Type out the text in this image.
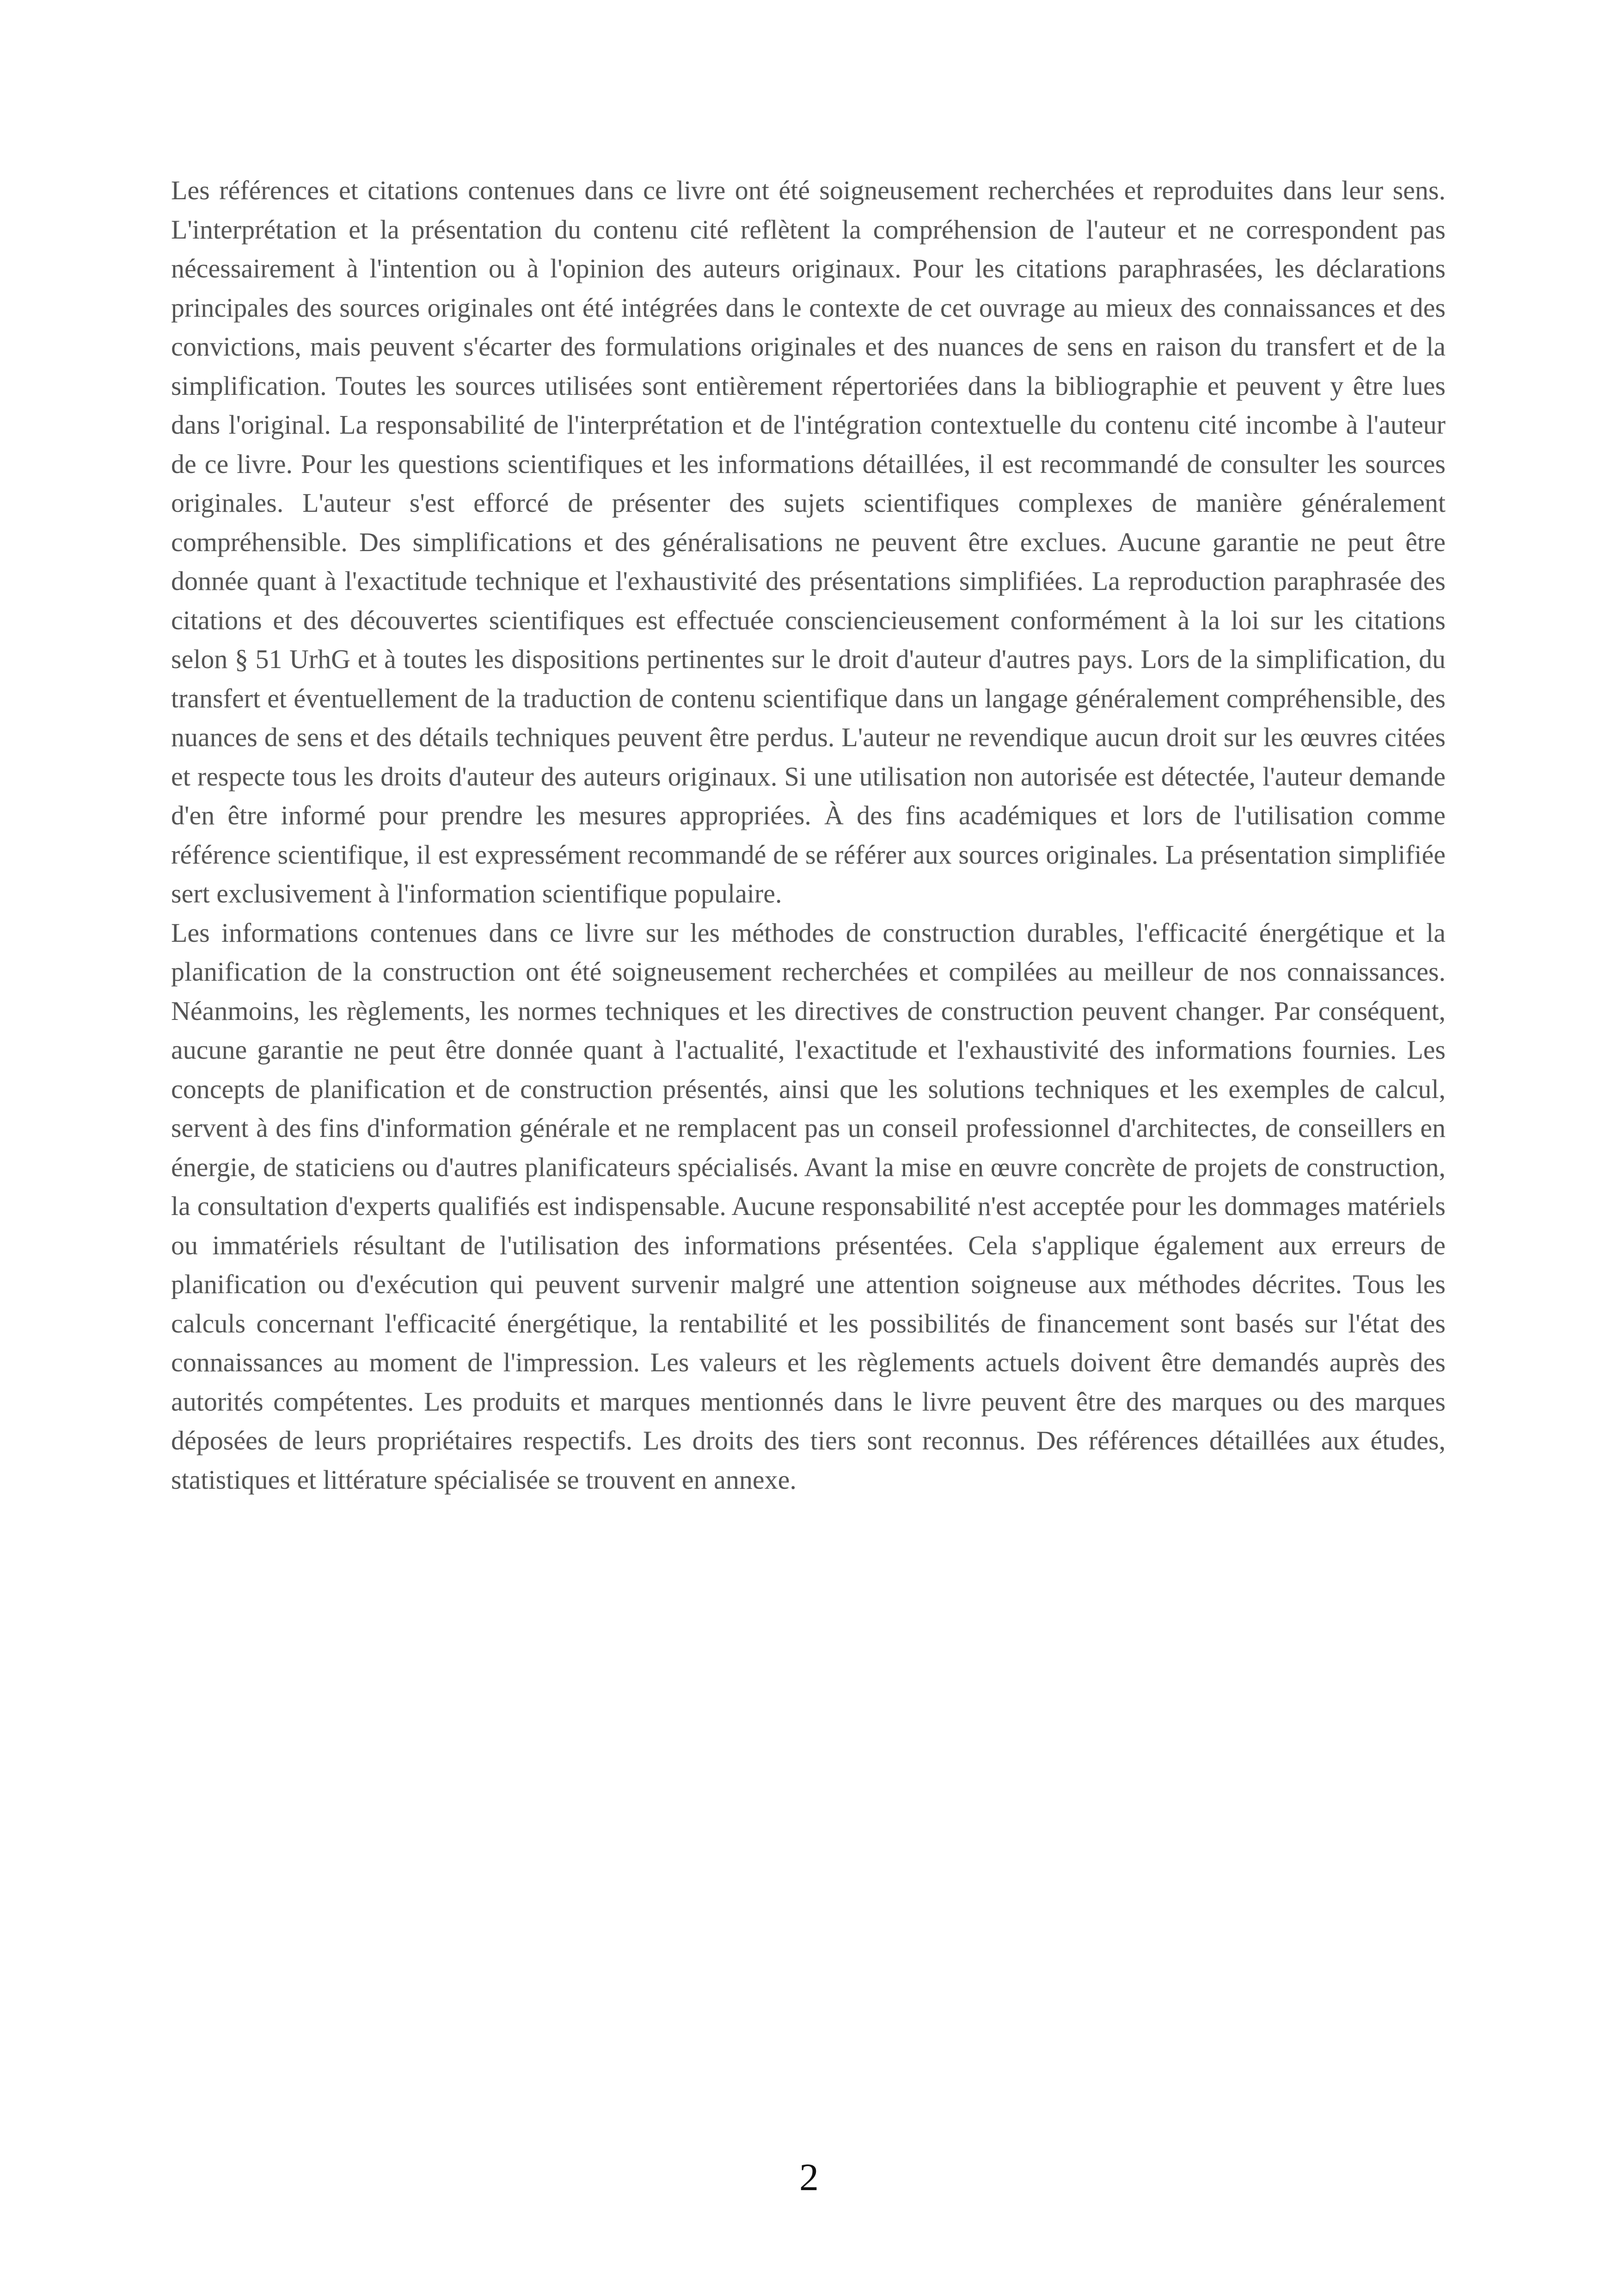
Les références et citations contenues dans ce livre ont été soigneusement recherchées et reproduites dans leur sens. L'interprétation et la présentation du contenu cité reflètent la compréhension de l'auteur et ne correspondent pas nécessairement à l'intention ou à l'opinion des auteurs originaux. Pour les citations paraphrasées, les déclarations principales des sources originales ont été intégrées dans le contexte de cet ouvrage au mieux des connaissances et des convictions, mais peuvent s'écarter des formulations originales et des nuances de sens en raison du transfert et de la simplification. Toutes les sources utilisées sont entièrement répertoriées dans la bibliographie et peuvent y être lues dans l'original. La responsabilité de l'interprétation et de l'intégration contextuelle du contenu cité incombe à l'auteur de ce livre. Pour les questions scientifiques et les informations détaillées, il est recommandé de consulter les sources originales. L'auteur s'est efforcé de présenter des sujets scientifiques complexes de manière généralement compréhensible. Des simplifications et des généralisations ne peuvent être exclues. Aucune garantie ne peut être donnée quant à l'exactitude technique et l'exhaustivité des présentations simplifiées. La reproduction paraphrasée des citations et des découvertes scientifiques est effectuée consciencieusement conformément à la loi sur les citations selon § 51 UrhG et à toutes les dispositions pertinentes sur le droit d'auteur d'autres pays. Lors de la simplification, du transfert et éventuellement de la traduction de contenu scientifique dans un langage généralement compréhensible, des nuances de sens et des détails techniques peuvent être perdus. L'auteur ne revendique aucun droit sur les œuvres citées et respecte tous les droits d'auteur des auteurs originaux. Si une utilisation non autorisée est détectée, l'auteur demande d'en être informé pour prendre les mesures appropriées. À des fins académiques et lors de l'utilisation comme référence scientifique, il est expressément recommandé de se référer aux sources originales. La présentation simplifiée sert exclusivement à l'information scientifique populaire.

Les informations contenues dans ce livre sur les méthodes de construction durables, l'efficacité énergétique et la planification de la construction ont été soigneusement recherchées et compilées au meilleur de nos connaissances. Néanmoins, les règlements, les normes techniques et les directives de construction peuvent changer. Par conséquent, aucune garantie ne peut être donnée quant à l'actualité, l'exactitude et l'exhaustivité des informations fournies. Les concepts de planification et de construction présentés, ainsi que les solutions techniques et les exemples de calcul, servent à des fins d'information générale et ne remplacent pas un conseil professionnel d'architectes, de conseillers en énergie, de staticiens ou d'autres planificateurs spécialisés. Avant la mise en œuvre concrète de projets de construction, la consultation d'experts qualifiés est indispensable. Aucune responsabilité n'est acceptée pour les dommages matériels ou immatériels résultant de l'utilisation des informations présentées. Cela s'applique également aux erreurs de planification ou d'exécution qui peuvent survenir malgré une attention soigneuse aux méthodes décrites. Tous les calculs concernant l'efficacité énergétique, la rentabilité et les possibilités de financement sont basés sur l'état des connaissances au moment de l'impression. Les valeurs et les règlements actuels doivent être demandés auprès des autorités compétentes. Les produits et marques mentionnés dans le livre peuvent être des marques ou des marques déposées de leurs propriétaires respectifs. Les droits des tiers sont reconnus. Des références détaillées aux études, statistiques et littérature spécialisée se trouvent en annexe.

2
